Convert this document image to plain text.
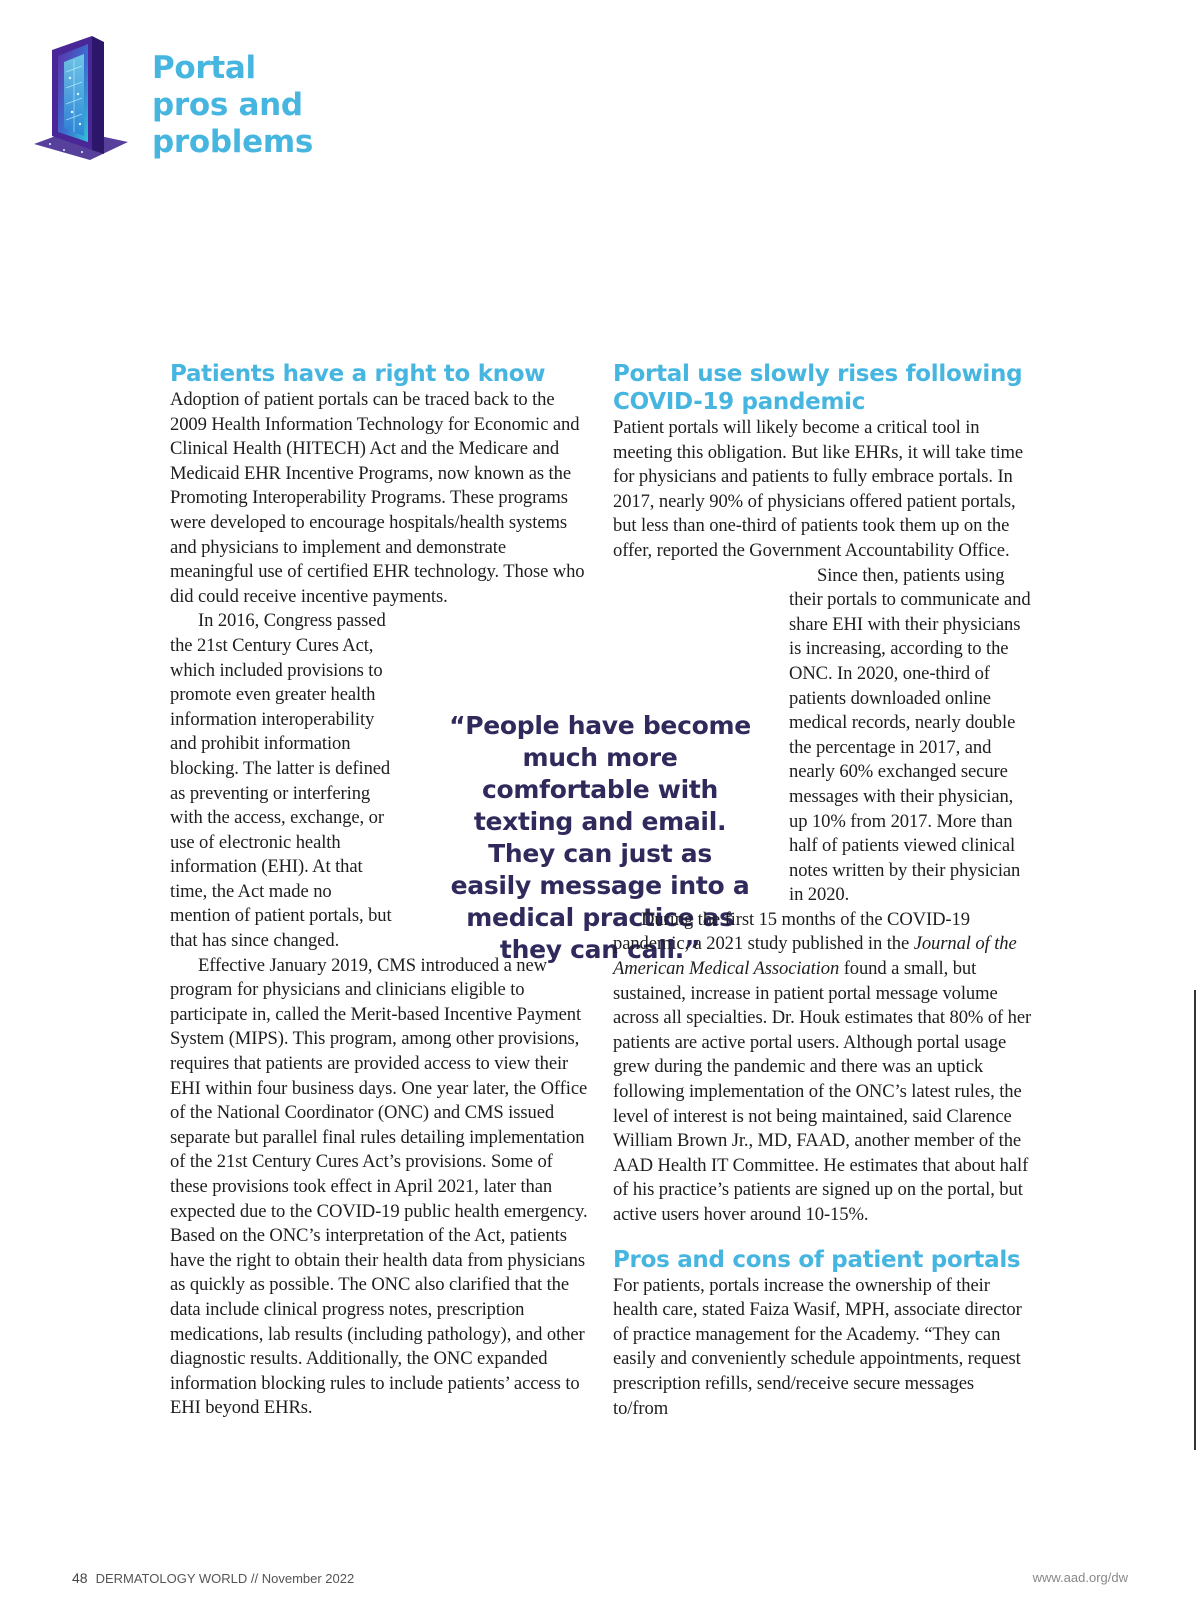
Portal
pros and
problems
Patients have a right to know

Adoption of patient portals can be traced back to the 2009 Health Information Technology for Economic and Clinical Health (HITECH) Act and the Medicare and Medicaid EHR Incentive Programs, now known as the Promoting Interoperability Programs. These programs were developed to encourage hospitals/health systems and physicians to implement and demonstrate meaningful use of certified EHR technology. Those who did could receive incentive payments.

In 2016, Congress passed the 21st Century Cures Act, which included provisions to promote even greater health information interoperability and prohibit information blocking. The latter is defined as preventing or interfering with the access, exchange, or use of electronic health information (EHI). At that time, the Act made no mention of patient portals, but that has since changed.

Effective January 2019, CMS introduced a new program for physicians and clinicians eligible to participate in, called the Merit-based Incentive Payment System (MIPS). This program, among other provisions, requires that patients are provided access to view their EHI within four business days. One year later, the Office of the National Coordinator (ONC) and CMS issued separate but parallel final rules detailing implementation of the 21st Century Cures Act’s provisions. Some of these provisions took effect in April 2021, later than expected due to the COVID-19 public health emergency. Based on the ONC’s interpretation of the Act, patients have the right to obtain their health data from physicians as quickly as possible. The ONC also clarified that the data include clinical progress notes, prescription medications, lab results (including pathology), and other diagnostic results. Additionally, the ONC expanded information blocking rules to include patients’ access to EHI beyond EHRs.

“People have become much more comfortable with texting and email. They can just as easily message into a medical practice as they can call.”

Portal use slowly rises following COVID-19 pandemic

Patient portals will likely become a critical tool in meeting this obligation. But like EHRs, it will take time for physicians and patients to fully embrace portals. In 2017, nearly 90% of physicians offered patient portals, but less than one-third of patients took them up on the offer, reported the Government Accountability Office.

Since then, patients using their portals to communicate and share EHI with their physicians is increasing, according to the ONC. In 2020, one-third of patients downloaded online medical records, nearly double the percentage in 2017, and nearly 60% exchanged secure messages with their physician, up 10% from 2017. More than half of patients viewed clinical notes written by their physician in 2020.

During the first 15 months of the COVID-19 pandemic, a 2021 study published in the Journal of the American Medical Association found a small, but sustained, increase in patient portal message volume across all specialties. Dr. Houk estimates that 80% of her patients are active portal users. Although portal usage grew during the pandemic and there was an uptick following implementation of the ONC’s latest rules, the level of interest is not being maintained, said Clarence William Brown Jr., MD, FAAD, another member of the AAD Health IT Committee. He estimates that about half of his practice’s patients are signed up on the portal, but active users hover around 10-15%.

Pros and cons of patient portals

For patients, portals increase the ownership of their health care, stated Faiza Wasif, MPH, associate director of practice management for the Academy. “They can easily and conveniently schedule appointments, request prescription refills, send/receive secure messages to/from

48 DERMATOLOGY WORLD // November 2022	www.aad.org/dw
